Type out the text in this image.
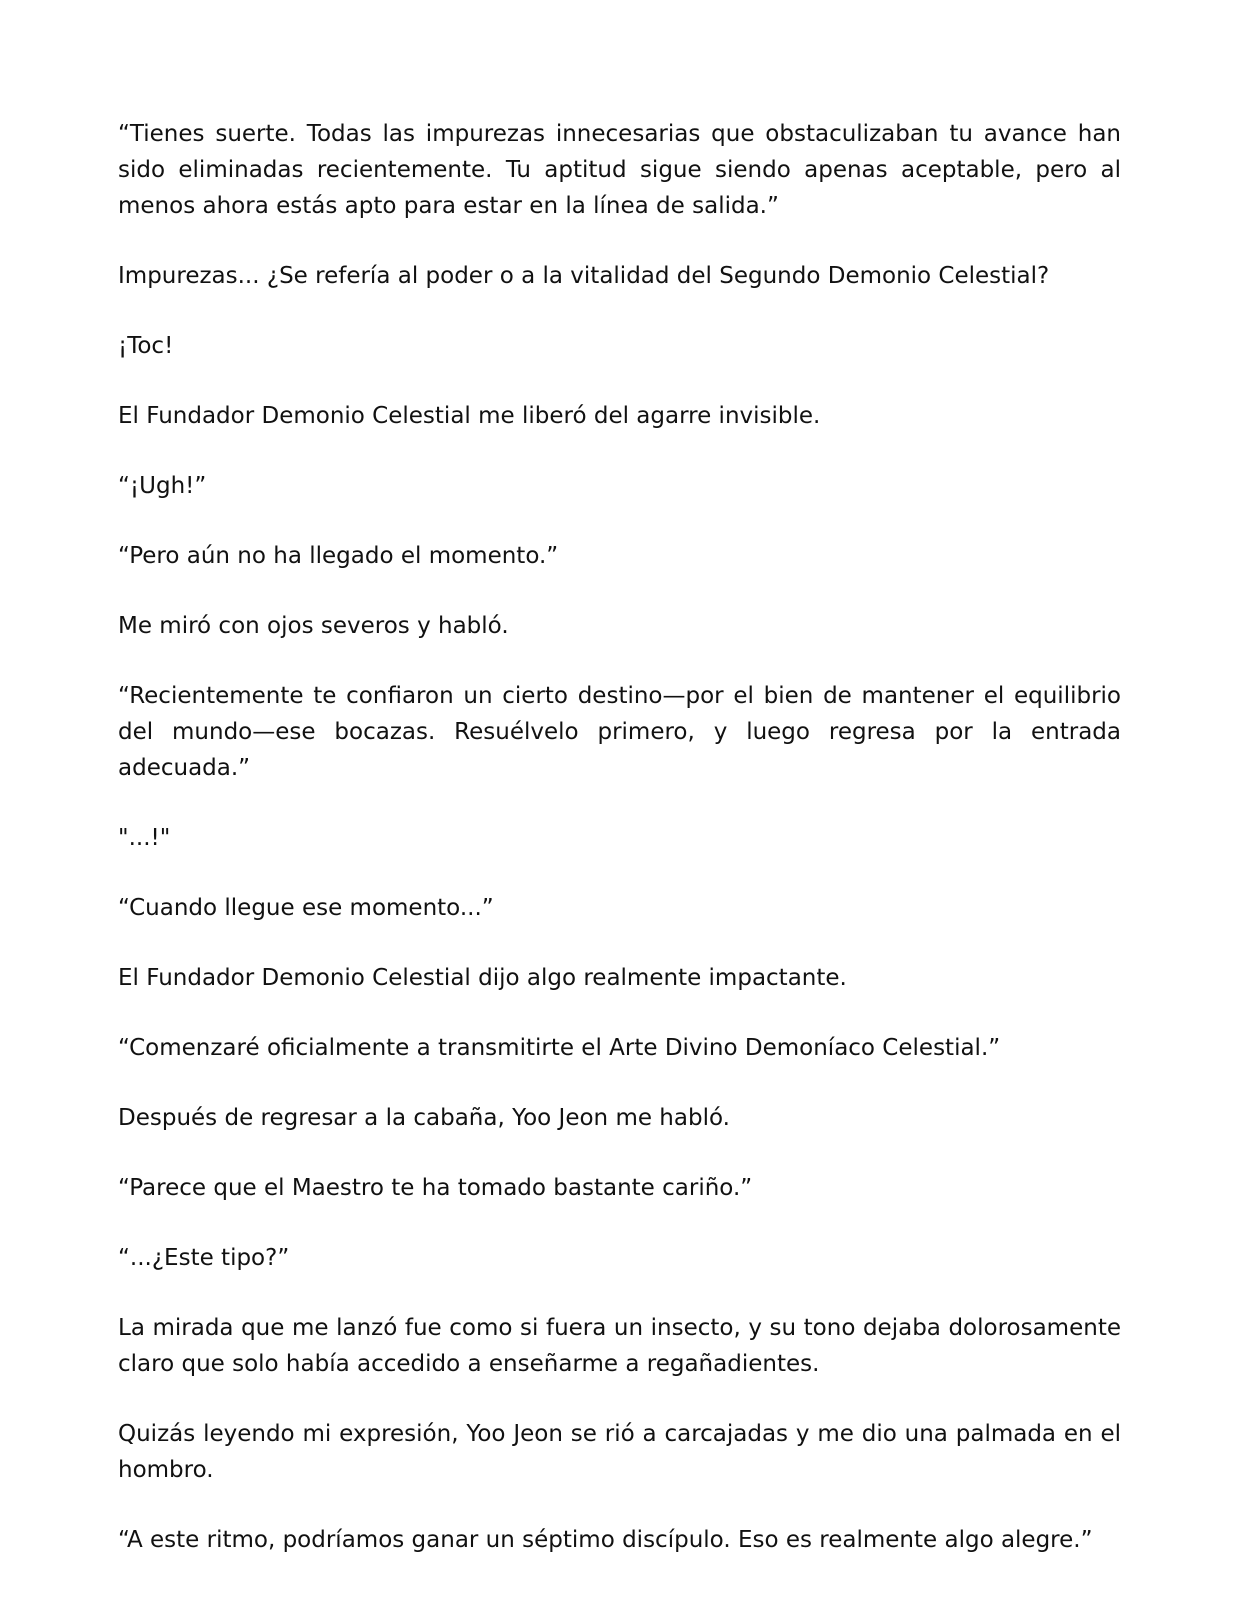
“Tienes suerte. Todas las impurezas innecesarias que obstaculizaban tu avance han sido eliminadas recientemente. Tu aptitud sigue siendo apenas aceptable, pero al menos ahora estás apto para estar en la línea de salida.”

Impurezas... ¿Se refería al poder o a la vitalidad del Segundo Demonio Celestial?

¡Toc!

El Fundador Demonio Celestial me liberó del agarre invisible.

“¡Ugh!”

“Pero aún no ha llegado el momento.”

Me miró con ojos severos y habló.

“Recientemente te confiaron un cierto destino—por el bien de mantener el equilibrio del mundo—ese bocazas. Resuélvelo primero, y luego regresa por la entrada adecuada.”

"...!"

“Cuando llegue ese momento...”

El Fundador Demonio Celestial dijo algo realmente impactante.

“Comenzaré oficialmente a transmitirte el Arte Divino Demoníaco Celestial.”

Después de regresar a la cabaña, Yoo Jeon me habló.

“Parece que el Maestro te ha tomado bastante cariño.”

“...¿Este tipo?”

La mirada que me lanzó fue como si fuera un insecto, y su tono dejaba dolorosamente claro que solo había accedido a enseñarme a regañadientes.

Quizás leyendo mi expresión, Yoo Jeon se rió a carcajadas y me dio una palmada en el hombro.

“A este ritmo, podríamos ganar un séptimo discípulo. Eso es realmente algo alegre.”
